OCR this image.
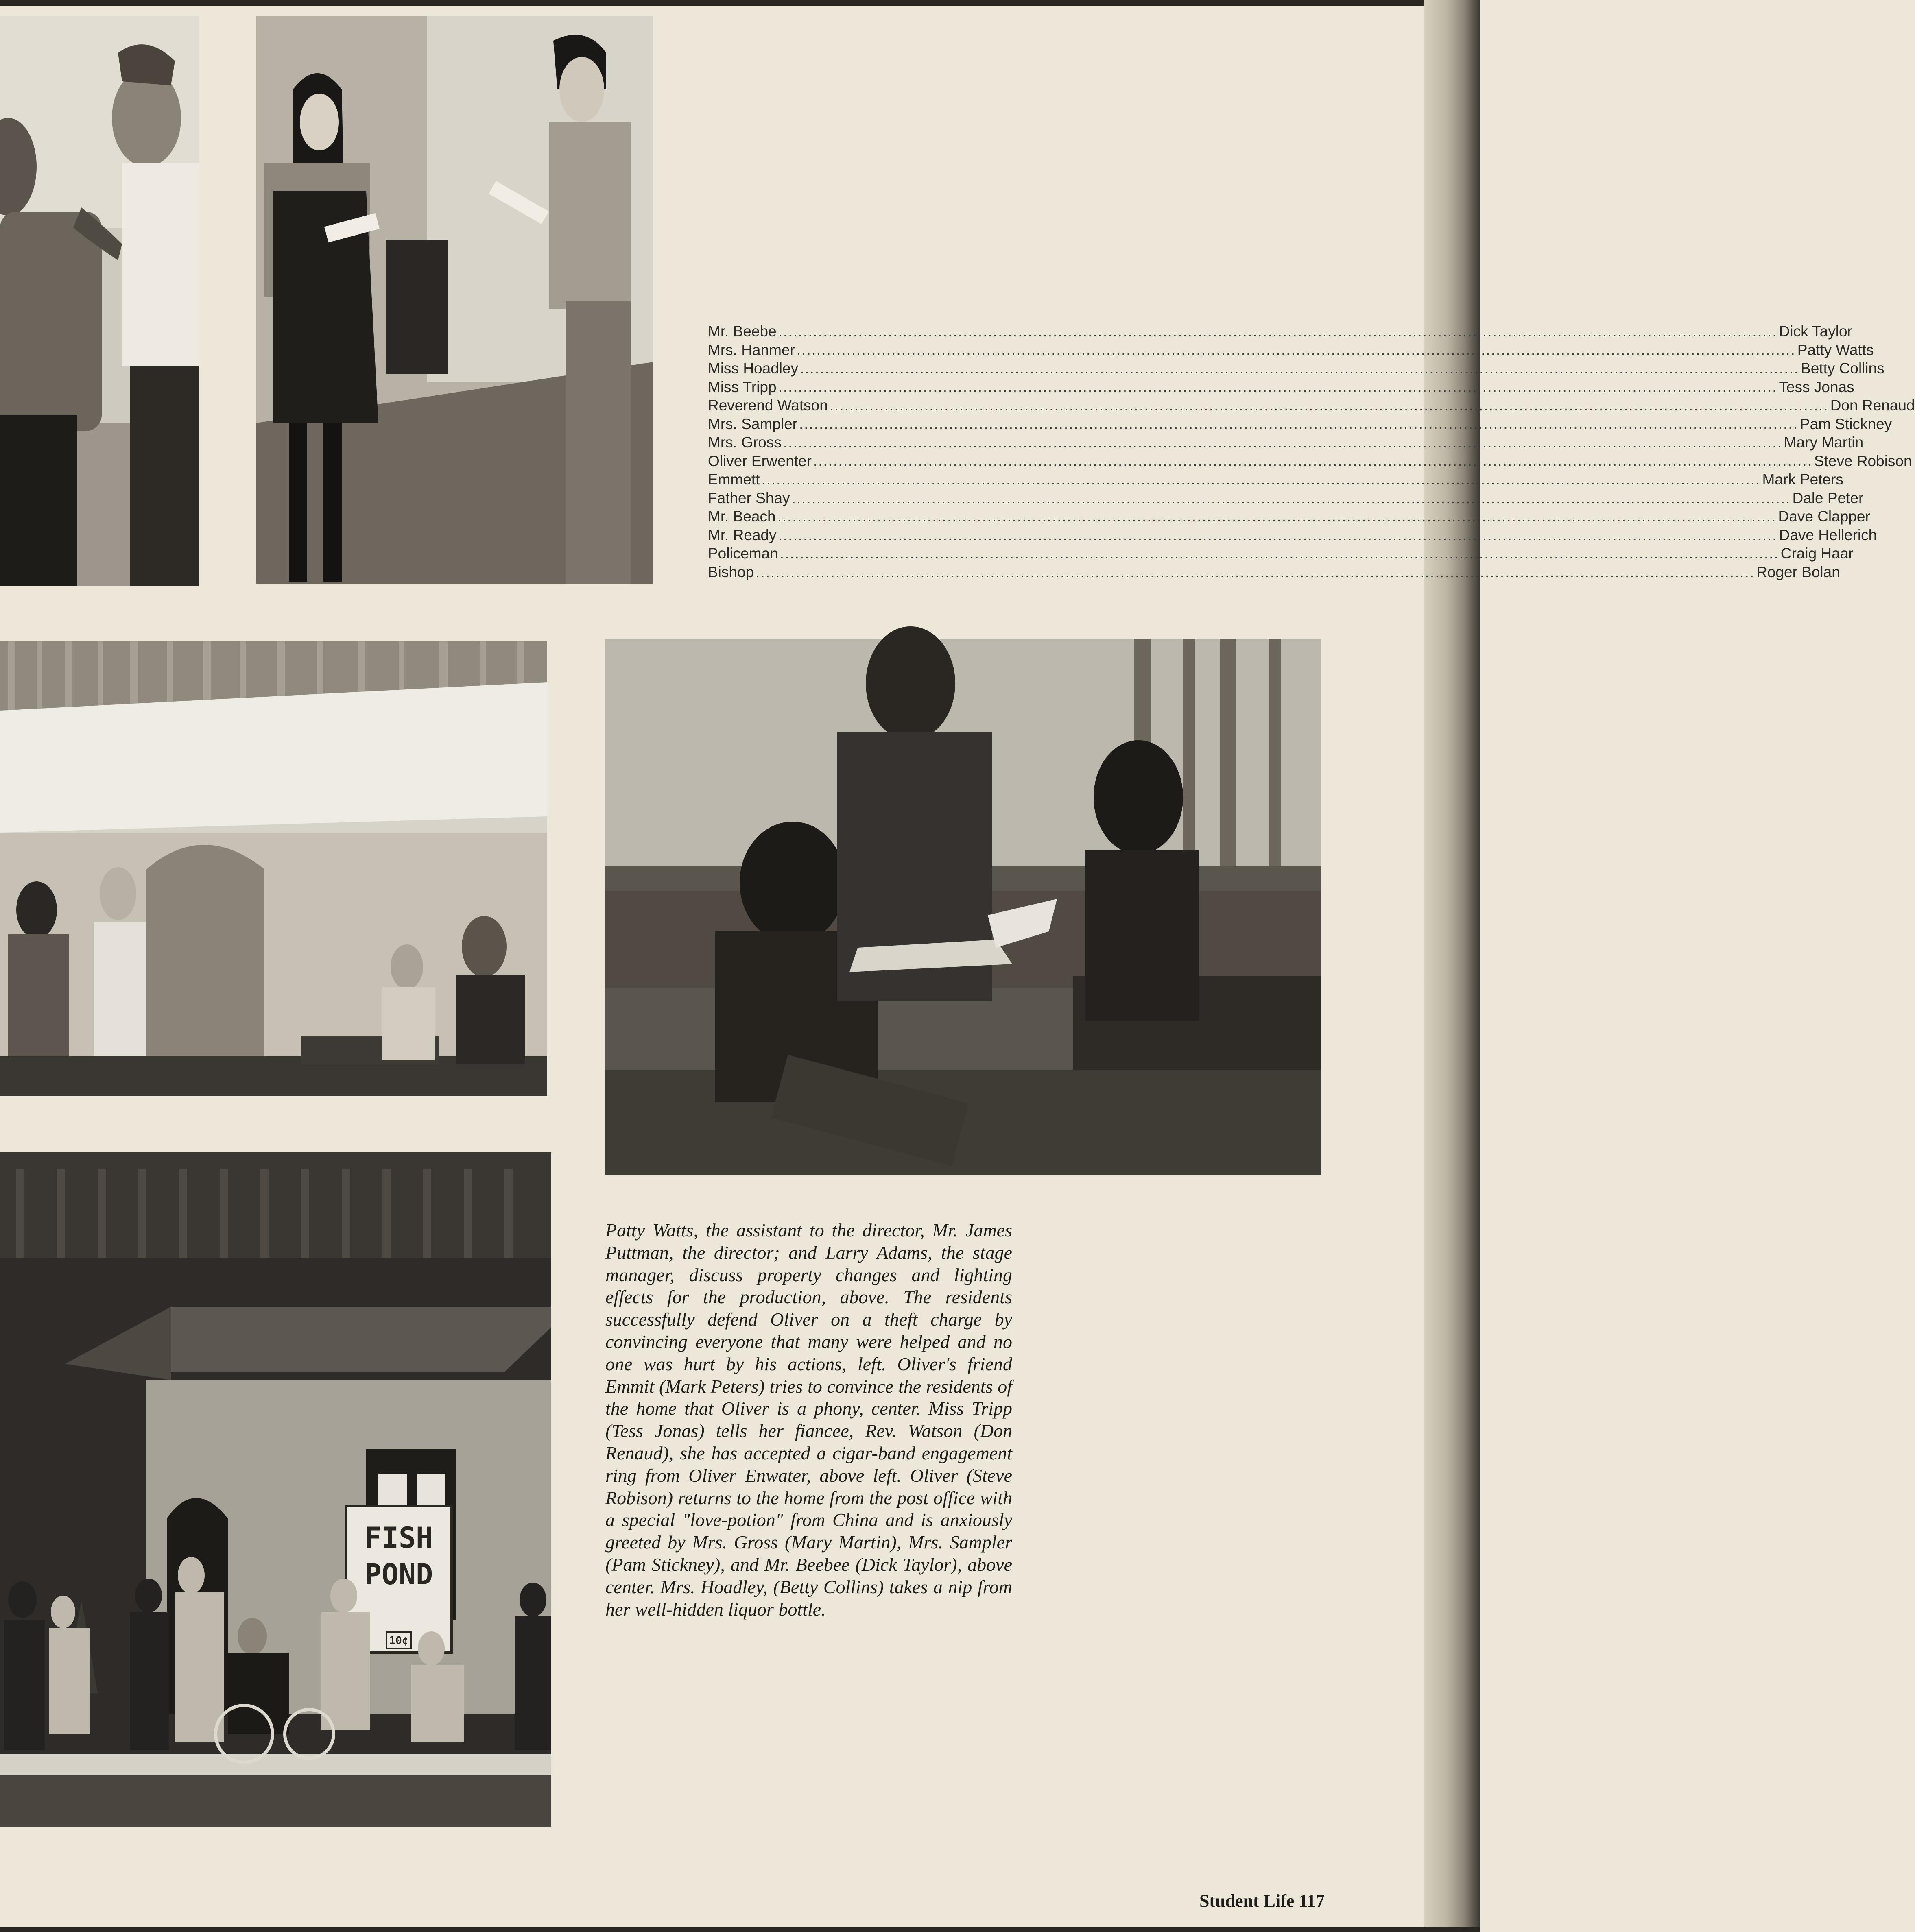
Mr. Beebe ........................................................................................................................................................................................................ Dick Taylor
Mrs. Hanmer ........................................................................................................................................................................................................ Patty Watts
Miss Hoadley ........................................................................................................................................................................................................ Betty Collins
Miss Tripp ........................................................................................................................................................................................................ Tess Jonas
Reverend Watson ........................................................................................................................................................................................................ Don Renaud
Mrs. Sampler ........................................................................................................................................................................................................ Pam Stickney
Mrs. Gross ........................................................................................................................................................................................................ Mary Martin
Oliver Erwenter ........................................................................................................................................................................................................ Steve Robison
Emmett ........................................................................................................................................................................................................ Mark Peters
Father Shay ........................................................................................................................................................................................................ Dale Peter
Mr. Beach ........................................................................................................................................................................................................ Dave Clapper
Mr. Ready ........................................................................................................................................................................................................ Dave Hellerich
Policeman ........................................................................................................................................................................................................ Craig Haar
Bishop ........................................................................................................................................................................................................ Roger Bolan
FISH
POND
10¢
Patty Watts, the assistant to the director, Mr. James Puttman, the director; and Larry Adams, the stage manager, discuss property changes and lighting effects for the production, above. The residents successfully defend Oliver on a theft charge by convincing everyone that many were helped and no one was hurt by his actions, left. Oliver's friend Emmit (Mark Peters) tries to convince the residents of the home that Oliver is a phony, center. Miss Tripp (Tess Jonas) tells her fiancee, Rev. Watson (Don Renaud), she has accepted a cigar-band engagement ring from Oliver Enwater, above left. Oliver (Steve Robison) returns to the home from the post office with a special "love-potion" from China and is anxiously greeted by Mrs. Gross (Mary Martin), Mrs. Sampler (Pam Stickney), and Mr. Beebee (Dick Taylor), above center. Mrs. Hoadley, (Betty Collins) takes a nip from her well-hidden liquor bottle.
Student Life 117
